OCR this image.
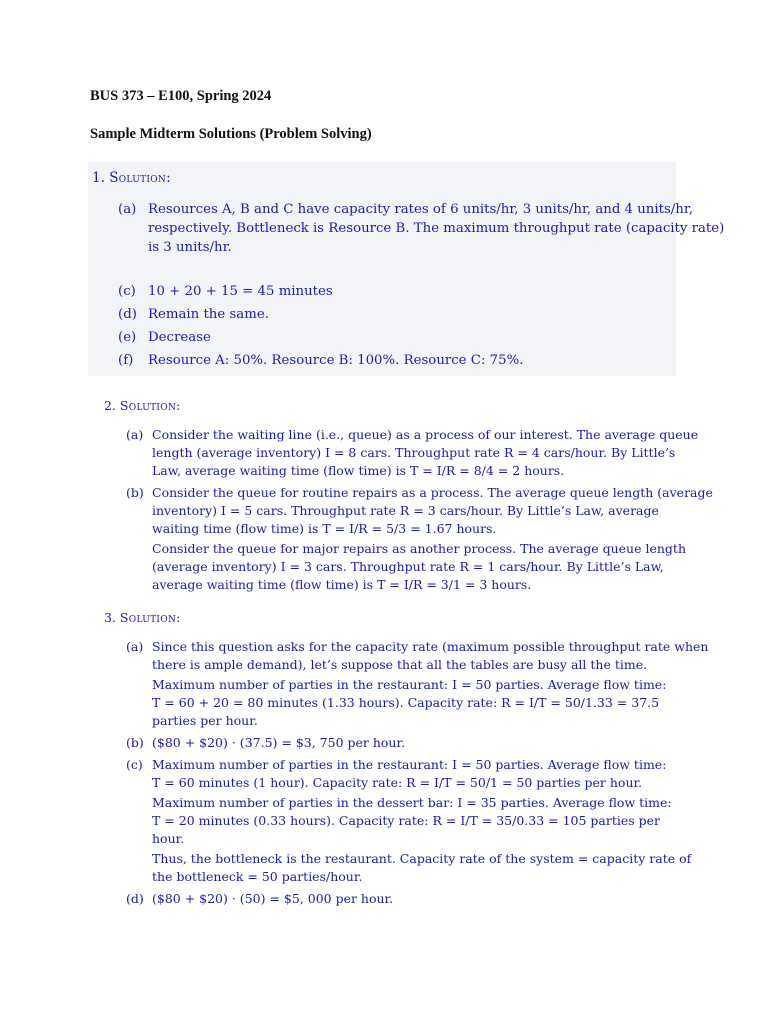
BUS 373 – E100, Spring 2024
Sample Midterm Solutions (Problem Solving)
1. Solution:
(a) Resources A, B and C have capacity rates of 6 units/hr, 3 units/hr, and 4 units/hr,
respectively. Bottleneck is Resource B. The maximum throughput rate (capacity rate)
is 3 units/hr.
(c) 10 + 20 + 15 = 45 minutes
(d) Remain the same.
(e) Decrease
(f) Resource A: 50%. Resource B: 100%. Resource C: 75%.
2. Solution:
(a) Consider the waiting line (i.e., queue) as a process of our interest. The average queue
length (average inventory) I = 8 cars. Throughput rate R = 4 cars/hour. By Little’s
Law, average waiting time (flow time) is T = I/R = 8/4 = 2 hours.
(b) Consider the queue for routine repairs as a process. The average queue length (average
inventory) I = 5 cars. Throughput rate R = 3 cars/hour. By Little’s Law, average
waiting time (flow time) is T = I/R = 5/3 = 1.67 hours.
Consider the queue for major repairs as another process. The average queue length
(average inventory) I = 3 cars. Throughput rate R = 1 cars/hour. By Little’s Law,
average waiting time (flow time) is T = I/R = 3/1 = 3 hours.
3. Solution:
(a) Since this question asks for the capacity rate (maximum possible throughput rate when
there is ample demand), let’s suppose that all the tables are busy all the time.
Maximum number of parties in the restaurant: I = 50 parties. Average flow time:
T = 60 + 20 = 80 minutes (1.33 hours). Capacity rate: R = I/T = 50/1.33 = 37.5
parties per hour.
(b) ($80 + $20) · (37.5) = $3, 750 per hour.
(c) Maximum number of parties in the restaurant: I = 50 parties. Average flow time:
T = 60 minutes (1 hour). Capacity rate: R = I/T = 50/1 = 50 parties per hour.
Maximum number of parties in the dessert bar: I = 35 parties. Average flow time:
T = 20 minutes (0.33 hours). Capacity rate: R = I/T = 35/0.33 = 105 parties per
hour.
Thus, the bottleneck is the restaurant. Capacity rate of the system = capacity rate of
the bottleneck = 50 parties/hour.
(d) ($80 + $20) · (50) = $5, 000 per hour.
